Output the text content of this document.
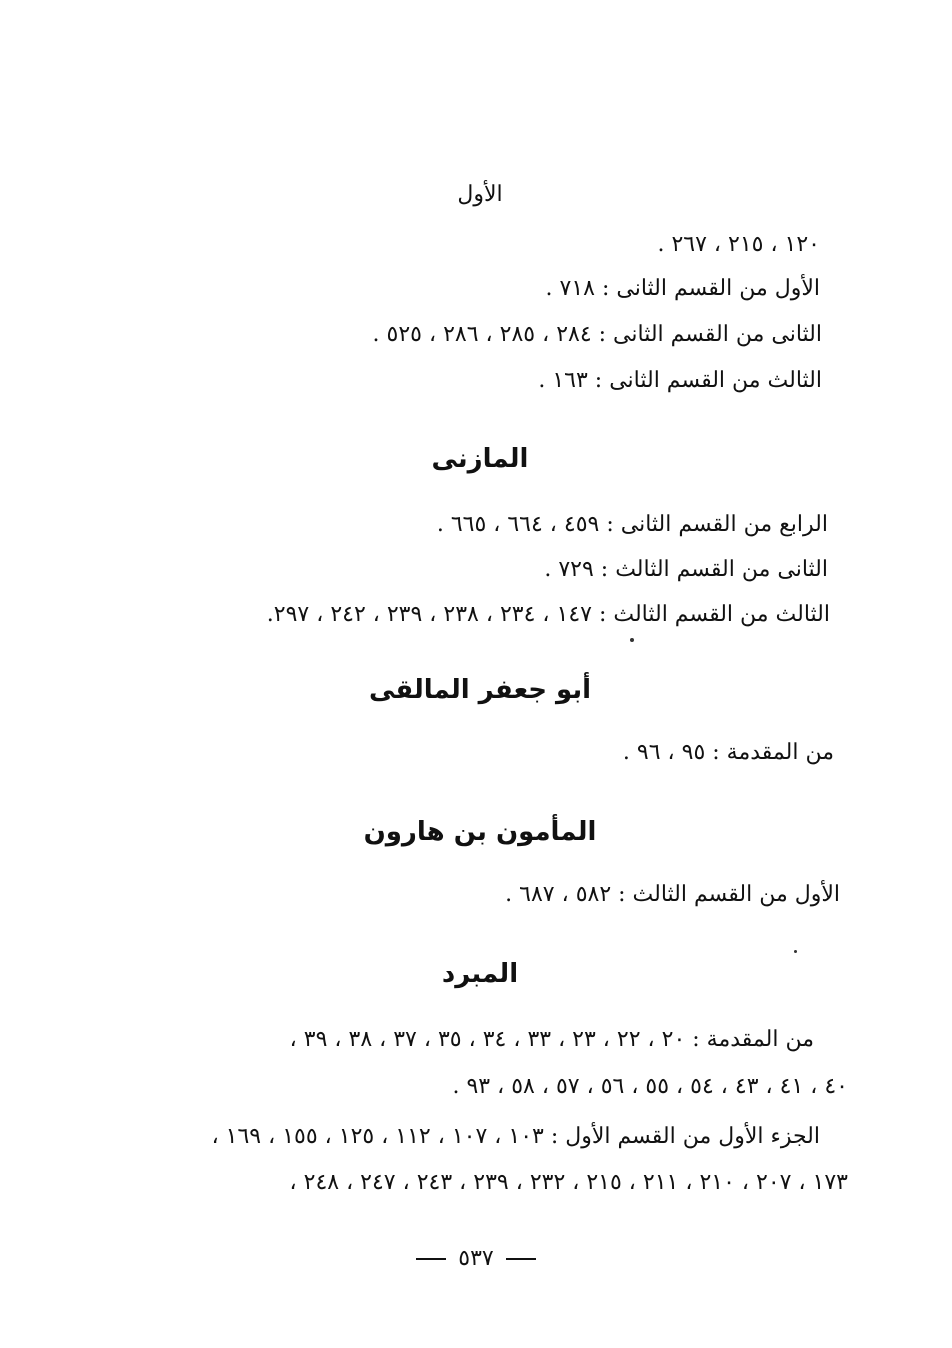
الأول

١٢٠ ، ٢١٥ ، ٢٦٧ .

الأول من القسم الثانى : ٧١٨ .

الثانى من القسم الثانى : ٢٨٤ ، ٢٨٥ ، ٢٨٦ ، ٥٢٥ .

الثالث من القسم الثانى : ١٦٣ .

المازنى

الرابع من القسم الثانى : ٤٥٩ ، ٦٦٤ ، ٦٦٥ .

الثانى من القسم الثالث : ٧٢٩ .

الثالث من القسم الثالث : ١٤٧ ، ٢٣٤ ، ٢٣٨ ، ٢٣٩ ، ٢٤٢ ، ٢٩٧.

أبو جعفر المالقى

من المقدمة : ٩٥ ، ٩٦ .

المأمون بن هارون

الأول من القسم الثالث : ٥٨٢ ، ٦٨٧ .

المبرد

من المقدمة : ٢٠ ، ٢٢ ، ٢٣ ، ٣٣ ، ٣٤ ، ٣٥ ، ٣٧ ، ٣٨ ، ٣٩ ،

٤٠ ، ٤١ ، ٤٣ ، ٥٤ ، ٥٥ ، ٥٦ ، ٥٧ ، ٥٨ ، ٩٣ .

الجزء الأول من القسم الأول : ١٠٣ ، ١٠٧ ، ١١٢ ، ١٢٥ ، ١٥٥ ، ١٦٩ ،

١٧٣ ، ٢٠٧ ، ٢١٠ ، ٢١١ ، ٢١٥ ، ٢٣٢ ، ٢٣٩ ، ٢٤٣ ، ٢٤٧ ، ٢٤٨ ،

٥٣٧
